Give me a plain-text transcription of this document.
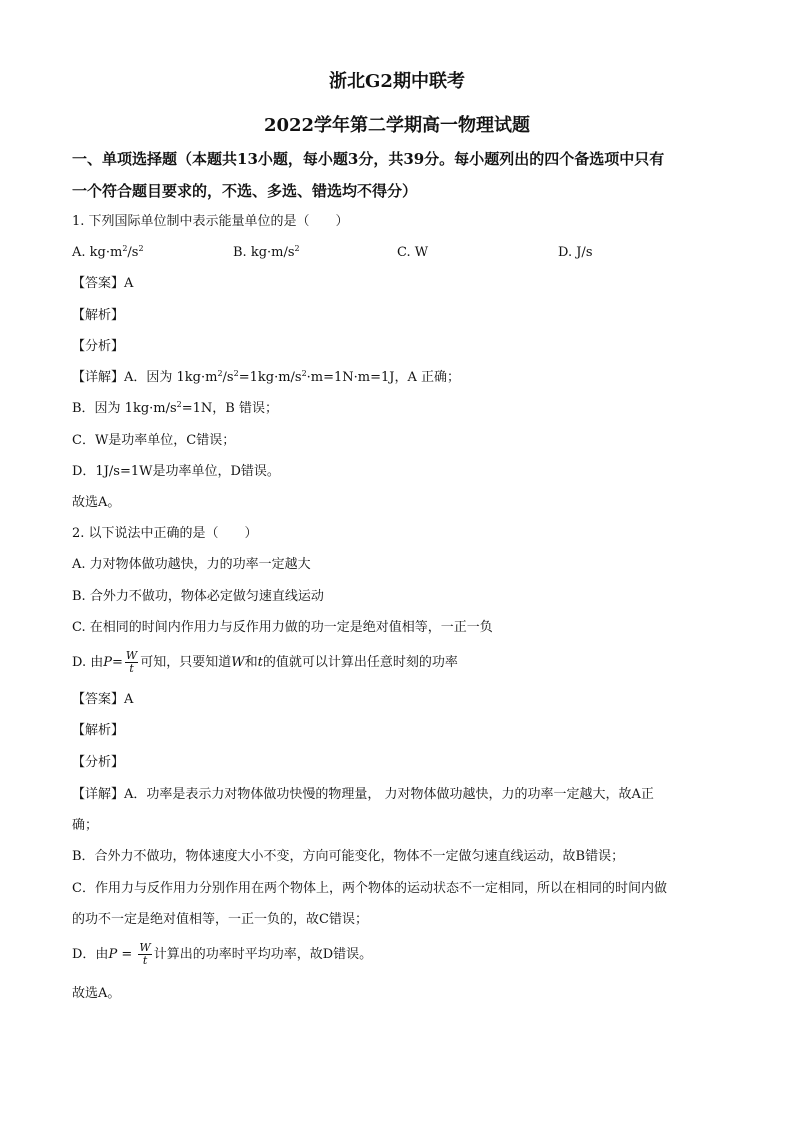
浙北G2期中联考
2022学年第二学期高一物理试题
一、单项选择题（本题共13小题，每小题3分，共39分。每小题列出的四个备选项中只有
一个符合题目要求的，不选、多选、错选均不得分）
1. 下列国际单位制中表示能量单位的是（　　）
A. $kg\cdot m^2/s^2$	B. $kg\cdot m/s^2$	C. W	D. J/s
【答案】A
【解析】
【分析】
【详解】A．因为 $1kg\cdot m^2/s^2=1kg\cdot m/s^2\cdot m=1N\cdot m=1J$，A 正确；
B．因为 $1kg\cdot m/s^2=1N$，B 错误；
C．W是功率单位，C错误；
D．1J/s=1W是功率单位，D错误。
故选A。
2. 以下说法中正确的是（　　）
A. 力对物体做功越快，力的功率一定越大
B. 合外力不做功，物体必定做匀速直线运动
C. 在相同的时间内作用力与反作用力做的功一定是绝对值相等，一正一负
D. 由$P= \frac{W}{t}$ 可知，只要知道W和t的值就可以计算出任意时刻的功率
【答案】A
【解析】
【分析】
【详解】A．功率是表示力对物体做功快慢的物理量， 力对物体做功越快，力的功率一定越大，故A正
确；
B．合外力不做功，物体速度大小不变，方向可能变化，物体不一定做匀速直线运动，故B错误；
C．作用力与反作用力分别作用在两个物体上，两个物体的运动状态不一定相同，所以在相同的时间内做
的功不一定是绝对值相等，一正一负的，故C错误；
D．由$P = \frac{W}{t}$ 计算出的功率时平均功率，故D错误。
故选A。
